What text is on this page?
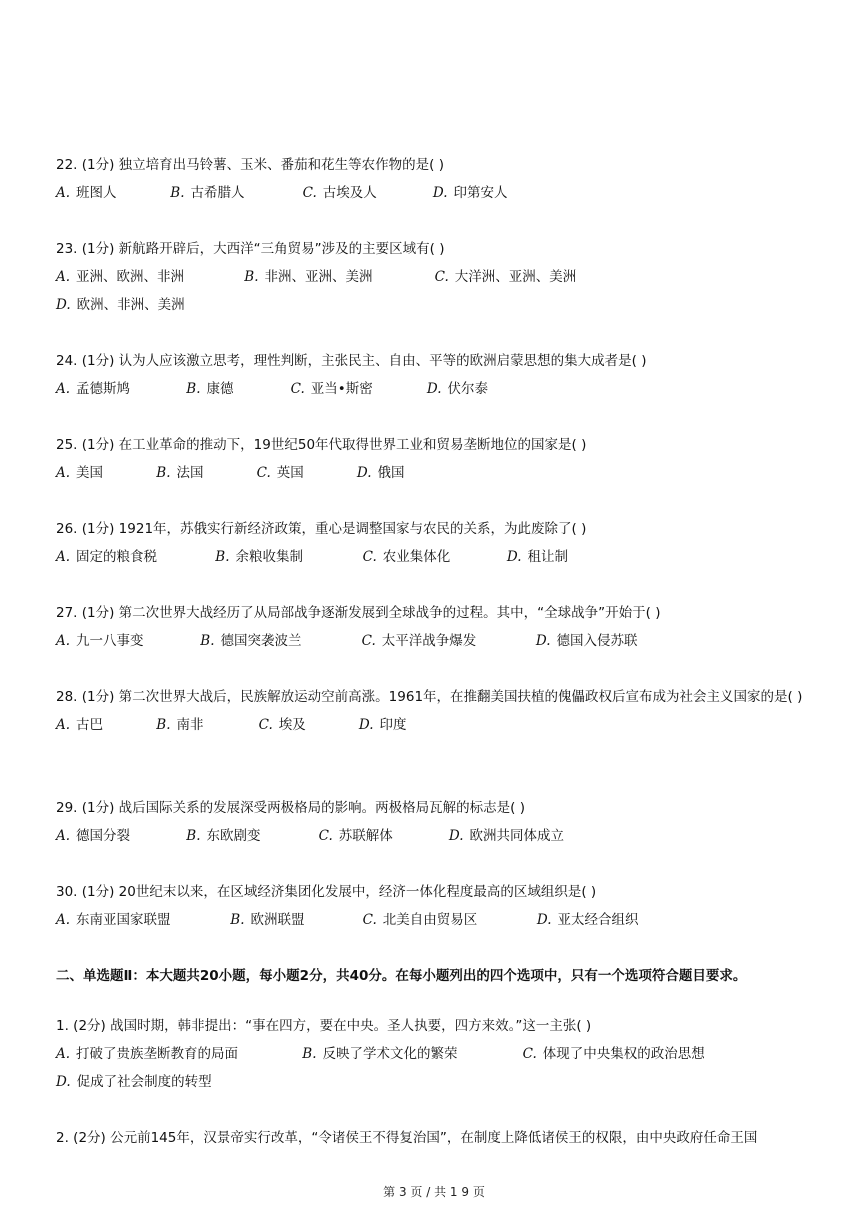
22. (1分) 独立培育出马铃薯、玉米、番茄和花生等农作物的是( )
A. 班图人	B. 古希腊人	C. 古埃及人	D. 印第安人
23. (1分) 新航路开辟后，大西洋“三角贸易”涉及的主要区域有( )
A. 亚洲、欧洲、非洲	B. 非洲、亚洲、美洲	C. 大洋洲、亚洲、美洲
D. 欧洲、非洲、美洲
24. (1分) 认为人应该激立思考，理性判断，主张民主、自由、平等的欧洲启蒙思想的集大成者是( )
A. 孟德斯鸠	B. 康德	C. 亚当•斯密	D. 伏尔泰
25. (1分) 在工业革命的推动下，19世纪50年代取得世界工业和贸易垄断地位的国家是( )
A. 美国	B. 法国	C. 英国	D. 俄国
26. (1分) 1921年，苏俄实行新经济政策，重心是调整国家与农民的关系，为此废除了( )
A. 固定的粮食税	B. 余粮收集制	C. 农业集体化	D. 租让制
27. (1分) 第二次世界大战经历了从局部战争逐渐发展到全球战争的过程。其中，“全球战争”开始于( )
A. 九一八事变	B. 德国突袭波兰	C. 太平洋战争爆发	D. 德国入侵苏联
28. (1分) 第二次世界大战后，民族解放运动空前高涨。1961年，在推翻美国扶植的傀儡政权后宣布成为社会主义国家的是( )
A. 古巴	B. 南非	C. 埃及	D. 印度
29. (1分) 战后国际关系的发展深受两极格局的影响。两极格局瓦解的标志是( )
A. 德国分裂	B. 东欧剧变	C. 苏联解体	D. 欧洲共同体成立
30. (1分) 20世纪末以来，在区域经济集团化发展中，经济一体化程度最高的区域组织是( )
A. 东南亚国家联盟	B. 欧洲联盟	C. 北美自由贸易区	D. 亚太经合组织
二、单选题Ⅱ：本大题共20小题，每小题2分，共40分。在每小题列出的四个选项中，只有一个选项符合题目要求。
1. (2分) 战国时期，韩非提出：“事在四方，要在中央。圣人执要，四方来效。”这一主张( )
A. 打破了贵族垄断教育的局面	B. 反映了学术文化的繁荣	C. 体现了中央集权的政治思想
D. 促成了社会制度的转型
2. (2分) 公元前145年，汉景帝实行改革，“令诸侯王不得复治国”，在制度上降低诸侯王的权限，由中央政府任命王国
第 3 页 / 共 1 9 页
